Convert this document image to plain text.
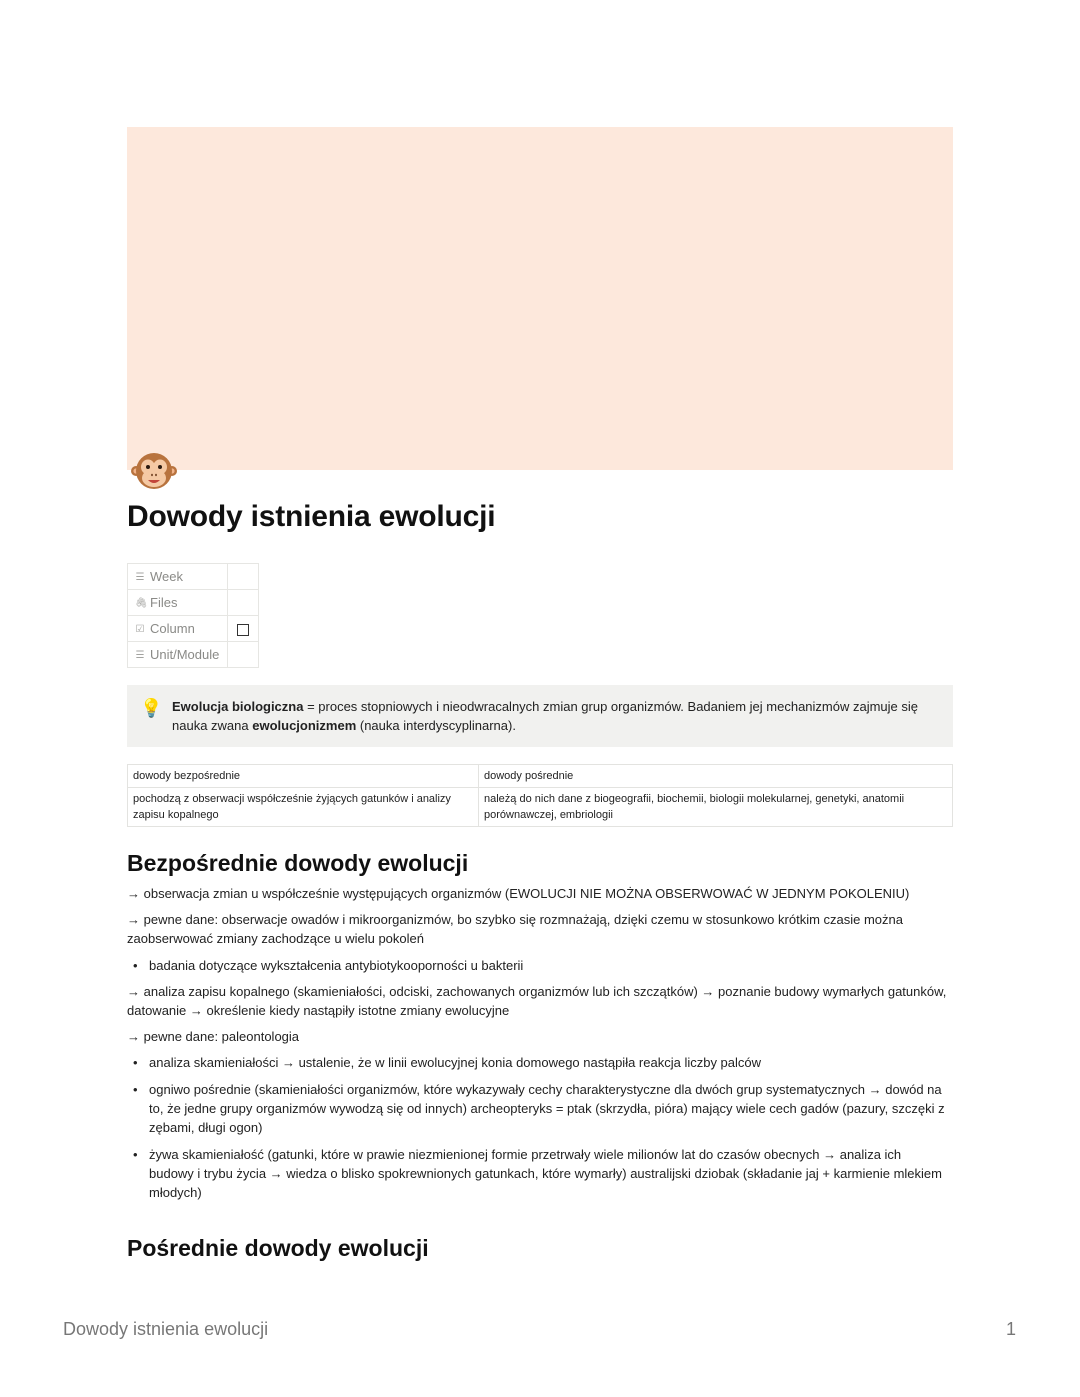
Dowody istnienia ewolucji
☰ Week	
🖇 Files	
☑ Column	
☰ Unit/Module	
💡 Ewolucja biologiczna = proces stopniowych i nieodwracalnych zmian grup organizmów. Badaniem jej mechanizmów zajmuje się nauka zwana ewolucjonizmem (nauka interdyscyplinarna).
dowody bezpośrednie	dowody pośrednie
pochodzą z obserwacji współcześnie żyjących gatunków i analizy zapisu kopalnego	należą do nich dane z biogeografii, biochemii, biologii molekularnej, genetyki, anatomii porównawczej, embriologii
Bezpośrednie dowody ewolucji
→ obserwacja zmian u współcześnie występujących organizmów (EWOLUCJI NIE MOŻNA OBSERWOWAĆ W JEDNYM POKOLENIU)
→ pewne dane: obserwacje owadów i mikroorganizmów, bo szybko się rozmnażają, dzięki czemu w stosunkowo krótkim czasie można zaobserwować zmiany zachodzące u wielu pokoleń
• badania dotyczące wykształcenia antybiotykooporności u bakterii
→ analiza zapisu kopalnego (skamieniałości, odciski, zachowanych organizmów lub ich szczątków) → poznanie budowy wymarłych gatunków, datowanie → określenie kiedy nastąpiły istotne zmiany ewolucyjne
→ pewne dane: paleontologia
• analiza skamieniałości → ustalenie, że w linii ewolucyjnej konia domowego nastąpiła reakcja liczby palców
• ogniwo pośrednie (skamieniałości organizmów, które wykazywały cechy charakterystyczne dla dwóch grup systematycznych → dowód na to, że jedne grupy organizmów wywodzą się od innych) archeopteryks = ptak (skrzydła, pióra) mający wiele cech gadów (pazury, szczęki z zębami, długi ogon)
• żywa skamieniałość (gatunki, które w prawie niezmienionej formie przetrwały wiele milionów lat do czasów obecnych → analiza ich budowy i trybu życia → wiedza o blisko spokrewnionych gatunkach, które wymarły) australijski dziobak (składanie jaj + karmienie mlekiem młodych)
Pośrednie dowody ewolucji
Dowody istnienia ewolucji	1
